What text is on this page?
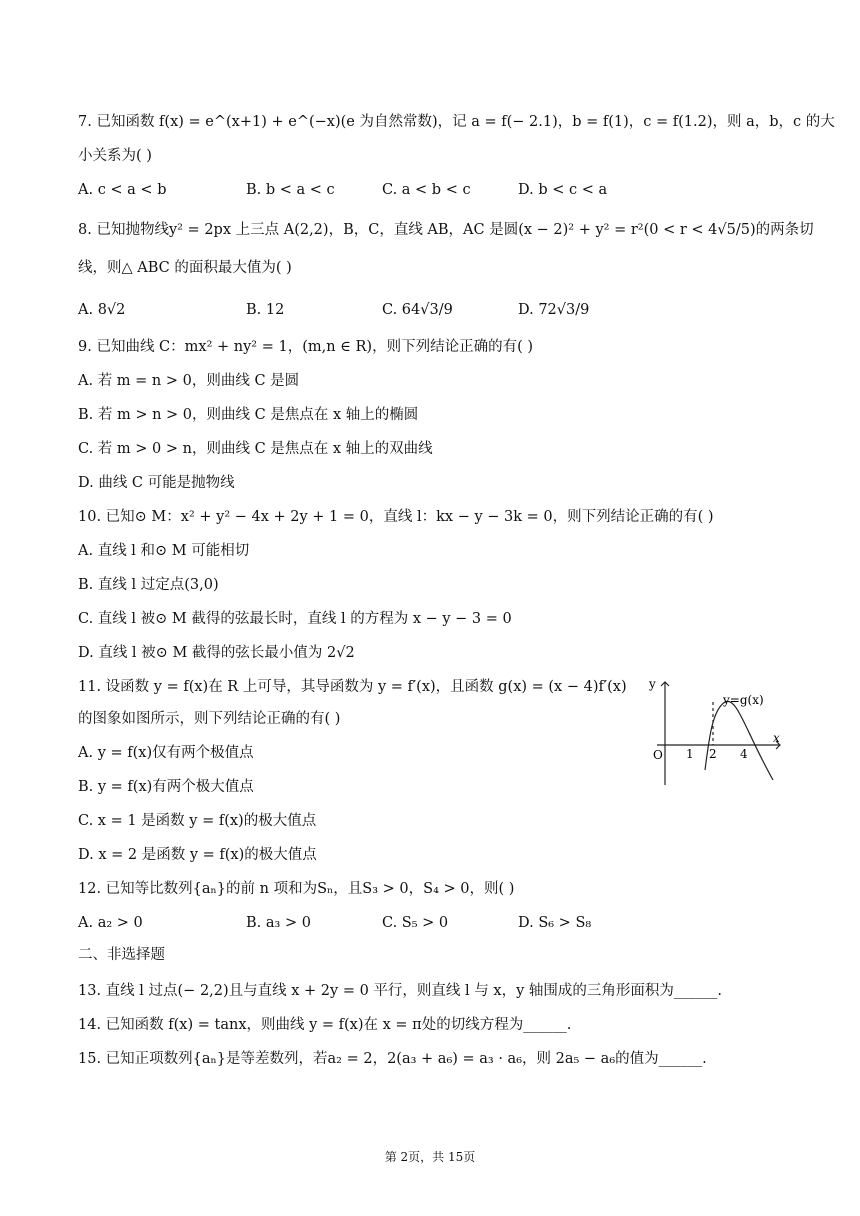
7. 已知函数 f(x) = e^(x+1) + e^(−x)(e 为自然常数)，记 a = f(− 2.1)，b = f(1)，c = f(1.2)，则 a，b，c 的大
小关系为( )
A. c < a < b	B. b < a < c	C. a < b < c	D. b < c < a
8. 已知抛物线y² = 2px 上三点 A(2,2)，B，C，直线 AB，AC 是圆(x − 2)² + y² = r²(0 < r < 4√5/5)的两条切
线，则△ ABC 的面积最大值为( )
A. 8√2	B. 12	C. 64√3/9	D. 72√3/9
9. 已知曲线 C：mx² + ny² = 1，(m,n ∈ R)，则下列结论正确的有( )
A. 若 m = n > 0，则曲线 C 是圆
B. 若 m > n > 0，则曲线 C 是焦点在 x 轴上的椭圆
C. 若 m > 0 > n，则曲线 C 是焦点在 x 轴上的双曲线
D. 曲线 C 可能是抛物线
10. 已知⊙ M：x² + y² − 4x + 2y + 1 = 0，直线 l：kx − y − 3k = 0，则下列结论正确的有( )
A. 直线 l 和⊙ M 可能相切
B. 直线 l 过定点(3,0)
C. 直线 l 被⊙ M 截得的弦最长时，直线 l 的方程为 x − y − 3 = 0
D. 直线 l 被⊙ M 截得的弦长最小值为 2√2
11. 设函数 y = f(x)在 R 上可导，其导函数为 y = f′(x)，且函数 g(x) = (x − 4)f′(x)
的图象如图所示，则下列结论正确的有( )
A. y = f(x)仅有两个极值点
B. y = f(x)有两个极大值点
C. x = 1 是函数 y = f(x)的极大值点
D. x = 2 是函数 y = f(x)的极大值点
y
x
O
y=g(x)
1 2 4
12. 已知等比数列{aₙ}的前 n 项和为Sₙ，且S₃ > 0，S₄ > 0，则( )
A. a₂ > 0	B. a₃ > 0	C. S₅ > 0	D. S₆ > S₈
二、非选择题
13. 直线 l 过点(− 2,2)且与直线 x + 2y = 0 平行，则直线 l 与 x，y 轴围成的三角形面积为______.
14. 已知函数 f(x) = tanx，则曲线 y = f(x)在 x = π处的切线方程为______.
15. 已知正项数列{aₙ}是等差数列，若a₂ = 2，2(a₃ + a₆) = a₃ · a₆，则 2a₅ − a₆的值为______.
第 2页，共 15页
